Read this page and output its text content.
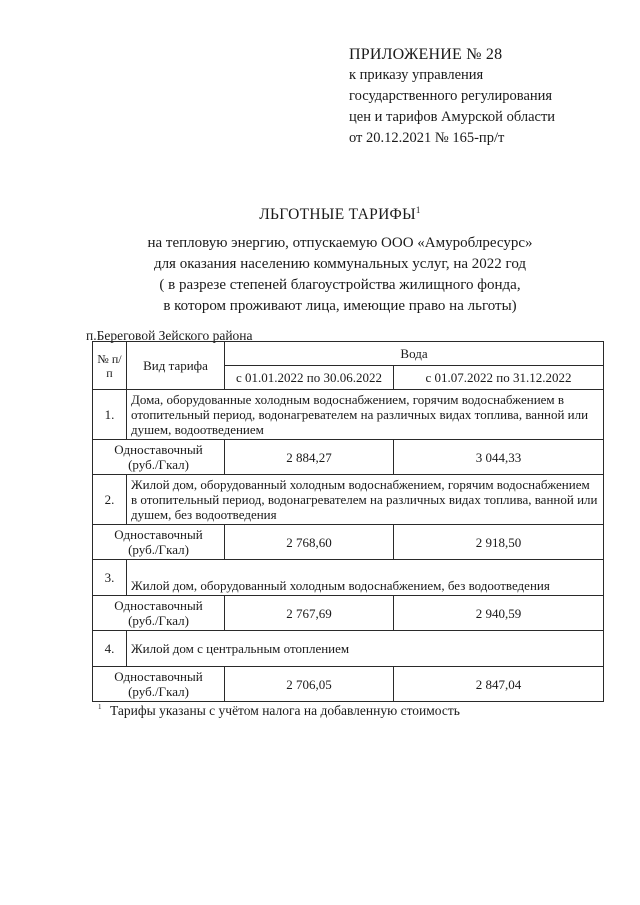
ПРИЛОЖЕНИЕ № 28
к приказу управления
государственного регулирования
цен и тарифов Амурской области
от 20.12.2021 № 165-пр/т
ЛЬГОТНЫЕ ТАРИФЫ$^1$
на тепловую энергию, отпускаемую ООО «Амуроблресурс»
для оказания населению коммунальных услуг, на 2022 год
( в разрезе степеней благоустройства жилищного фонда,
в котором проживают лица, имеющие право на льготы)
п.Береговой Зейского района
№ п/п	Вид тарифа	Вода	
		с 01.01.2022 по 30.06.2022	с 01.07.2022 по 31.12.2022
1.	Дома, оборудованные холодным водоснабжением, горячим водоснабжением в отопительный период, водонагревателем на различных видах топлива, ванной или душем, водоотведением		
Одноставочный
(руб./Гкал)		2 884,27	3 044,33
2.	Жилой дом, оборудованный холодным водоснабжением, горячим водоснабжением в отопительный период, водонагревателем на различных видах топлива, ванной или душем, без водоотведения		
Одноставочный
(руб./Гкал)		2 768,60	2 918,50
3.	Жилой дом, оборудованный холодным водоснабжением, без водоотведения		
Одноставочный
(руб./Гкал)		2 767,69	2 940,59
4.	Жилой дом с центральным отоплением		
Одноставочный
(руб./Гкал)		2 706,05	2 847,04
1 Тарифы указаны с учётом налога на добавленную стоимость
